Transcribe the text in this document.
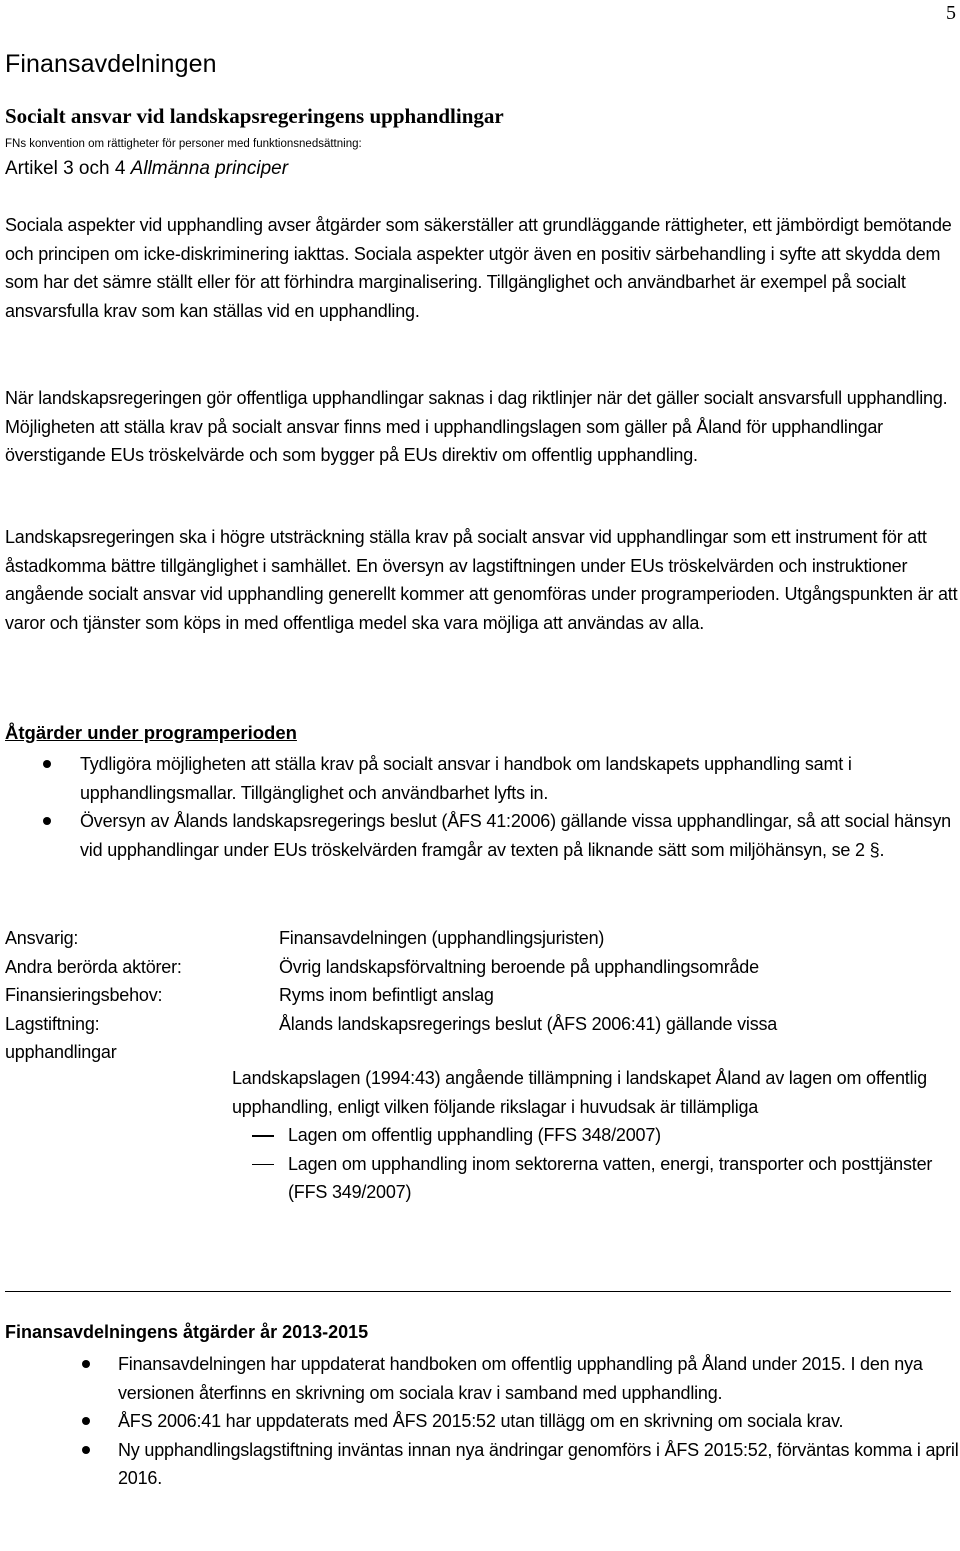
5
Finansavdelningen
Socialt ansvar vid landskapsregeringens upphandlingar
FNs konvention om rättigheter för personer med funktionsnedsättning:
Artikel 3 och 4 Allmänna principer
Sociala aspekter vid upphandling avser åtgärder som säkerställer att grundläggande rättigheter, ett jämbördigt bemötande och principen om icke-diskriminering iakttas. Sociala aspekter utgör även en positiv särbehandling i syfte att skydda dem som har det sämre ställt eller för att förhindra marginalisering. Tillgänglighet och användbarhet är exempel på socialt ansvarsfulla krav som kan ställas vid en upphandling.
När landskapsregeringen gör offentliga upphandlingar saknas i dag riktlinjer när det gäller socialt ansvarsfull upphandling. Möjligheten att ställa krav på socialt ansvar finns med i upphandlingslagen som gäller på Åland för upphandlingar överstigande EUs tröskelvärde och som bygger på EUs direktiv om offentlig upphandling.
Landskapsregeringen ska i högre utsträckning ställa krav på socialt ansvar vid upphandlingar som ett instrument för att åstadkomma bättre tillgänglighet i samhället. En översyn av lagstiftningen under EUs tröskelvärden och instruktioner angående socialt ansvar vid upphandling generellt kommer att genomföras under programperioden. Utgångspunkten är att varor och tjänster som köps in med offentliga medel ska vara möjliga att användas av alla.
Åtgärder under programperioden
Tydligöra möjligheten att ställa krav på socialt ansvar i handbok om landskapets upphandling samt i upphandlingsmallar. Tillgänglighet och användbarhet lyfts in.
Översyn av Ålands landskapsregerings beslut (ÅFS 41:2006) gällande vissa upphandlingar, så att social hänsyn vid upphandlingar under EUs tröskelvärden framgår av texten på liknande sätt som miljöhänsyn, se 2 §.
Ansvarig:	Finansavdelningen (upphandlingsjuristen)
Andra berörda aktörer:	Övrig landskapsförvaltning beroende på upphandlingsområde
Finansieringsbehov:	Ryms inom befintligt anslag
Lagstiftning:	Ålands landskapsregerings beslut (ÅFS 2006:41) gällande vissa
upphandlingar
Landskapslagen (1994:43) angående tillämpning i landskapet Åland av lagen om offentlig upphandling, enligt vilken följande rikslagar i huvudsak är tillämpliga
Lagen om offentlig upphandling (FFS 348/2007)
Lagen om upphandling inom sektorerna vatten, energi, transporter och posttjänster (FFS 349/2007)
Finansavdelningens åtgärder år 2013-2015
Finansavdelningen har uppdaterat handboken om offentlig upphandling på Åland under 2015. I den nya versionen återfinns en skrivning om sociala krav i samband med upphandling.
ÅFS 2006:41 har uppdaterats med ÅFS 2015:52 utan tillägg om en skrivning om sociala krav.
Ny upphandlingslagstiftning inväntas innan nya ändringar genomförs i ÅFS 2015:52, förväntas komma i april 2016.
